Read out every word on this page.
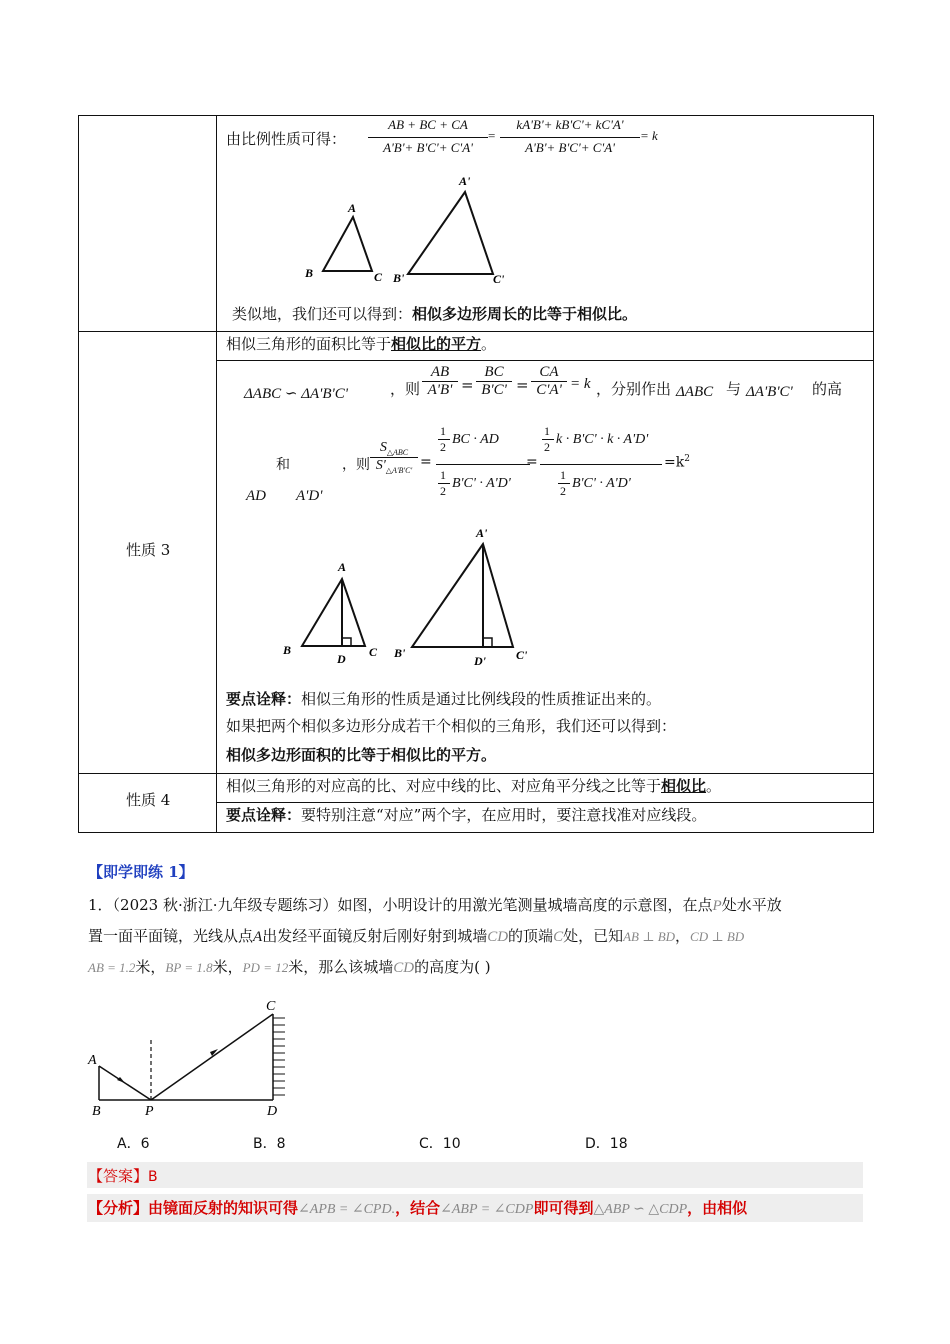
由比例性质可得：
AB + BC + CA
A'B'+ B'C'+ C'A'
=
kA'B'+ kB'C'+ kC'A'
A'B'+ B'C'+ C'A'
= k
A
B	C
A'
B'	C'
类似地，我们还可以得到：相似多边形周长的比等于相似比。
性质 3
相似三角形的面积比等于相似比的平方。
ΔABC ∽ ΔA'B'C'	，则
AB
A'B' =
BC
B'C' =
CA
C'A' = k ，分别作出 ΔABC 与 ΔA'B'C' 的高
和	，则
$S_{\triangle ABC}$
$S'_{\triangle A'B'C'}$
=
1
2 BC · AD
1
2 B'C' · A'D'
=
1
2 k · B'C' · k · A'D'
1
2 B'C' · A'D'
$=k^2$
AD A'D'
A
B
D C
A'
B'
D'	C'
要点诠释：相似三角形的性质是通过比例线段的性质推证出来的。
如果把两个相似多边形分成若干个相似的三角形，我们还可以得到：
相似多边形面积的比等于相似比的平方。
性质 4
相似三角形的对应高的比、对应中线的比、对应角平分线之比等于相似比。
要点诠释：要特别注意“对应”两个字，在应用时，要注意找准对应线段。
【即学即练 1】
1．（2023 秋·浙江·九年级专题练习）如图，小明设计的用激光笔测量城墙高度的示意图，在点P处水平放
置一面平面镜，光线从点A出发经平面镜反射后刚好射到城墙CD的顶端C处，已知AB ⊥ BD，CD ⊥ BD
AB = 1.2米，BP = 1.8米，PD = 12米，那么该城墙CD的高度为( )
A
B	P	D
C
A．6	B．8	C．10	D．18
【答案】B
【分析】由镜面反射的知识可得∠APB = ∠CPD.，结合∠ABP = ∠CDP即可得到△ABP ∽ △CDP，由相似
